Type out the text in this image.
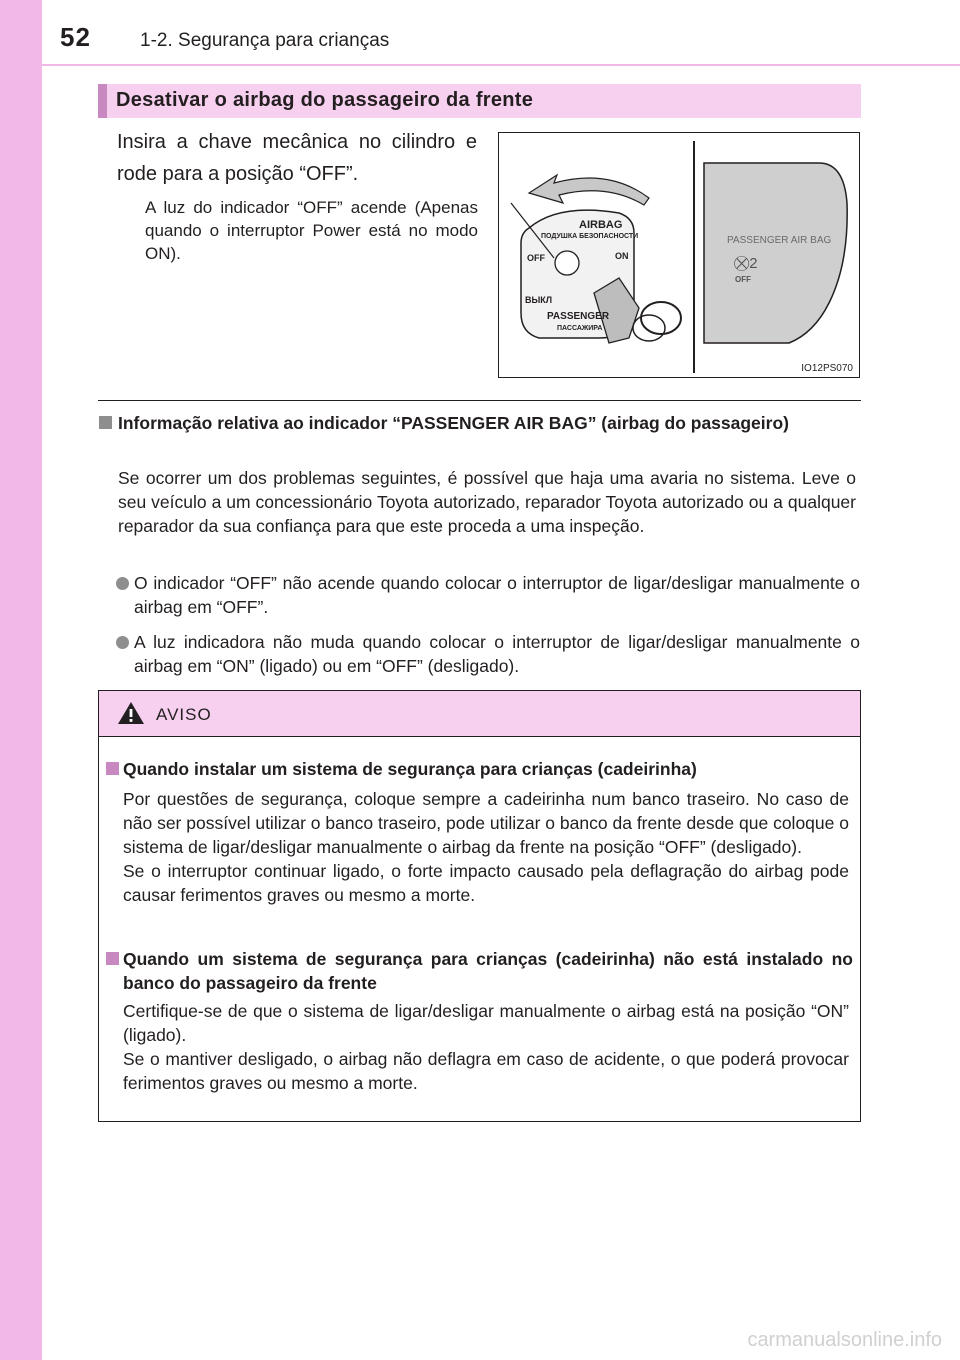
52	1-2. Segurança para crianças
Desativar o airbag do passageiro da frente
Insira a chave mecânica no cilindro e rode para a posição “OFF”.
A luz do indicador “OFF” acende (Apenas quando o interruptor Power está no modo ON).
AIRBAG
ПОДУШКА БЕЗОПАСНОСТИ
OFF	ON
ВЫКЛ
PASSENGER
ПАССАЖИРА
PASSENGER AIR BAG
⛒2
OFF
IO12PS070
Informação relativa ao indicador “PASSENGER AIR BAG” (airbag do passageiro)
Se ocorrer um dos problemas seguintes, é possível que haja uma avaria no sistema. Leve o seu veículo a um concessionário Toyota autorizado, reparador Toyota autorizado ou a qualquer reparador da sua confiança para que este proceda a uma inspeção.
O indicador “OFF” não acende quando colocar o interruptor de ligar/desligar manualmente o airbag em “OFF”.
A luz indicadora não muda quando colocar o interruptor de ligar/desligar manualmente o airbag em “ON” (ligado) ou em “OFF” (desligado).
AVISO
Quando instalar um sistema de segurança para crianças (cadeirinha)
Por questões de segurança, coloque sempre a cadeirinha num banco traseiro. No caso de não ser possível utilizar o banco traseiro, pode utilizar o banco da frente desde que coloque o sistema de ligar/desligar manualmente o airbag da frente na posição “OFF” (desligado).
Se o interruptor continuar ligado, o forte impacto causado pela deflagração do airbag pode causar ferimentos graves ou mesmo a morte.
Quando um sistema de segurança para crianças (cadeirinha) não está instalado no banco do passageiro da frente
Certifique-se de que o sistema de ligar/desligar manualmente o airbag está na posição “ON” (ligado).
Se o mantiver desligado, o airbag não deflagra em caso de acidente, o que poderá provocar ferimentos graves ou mesmo a morte.
carmanualsonline.info
